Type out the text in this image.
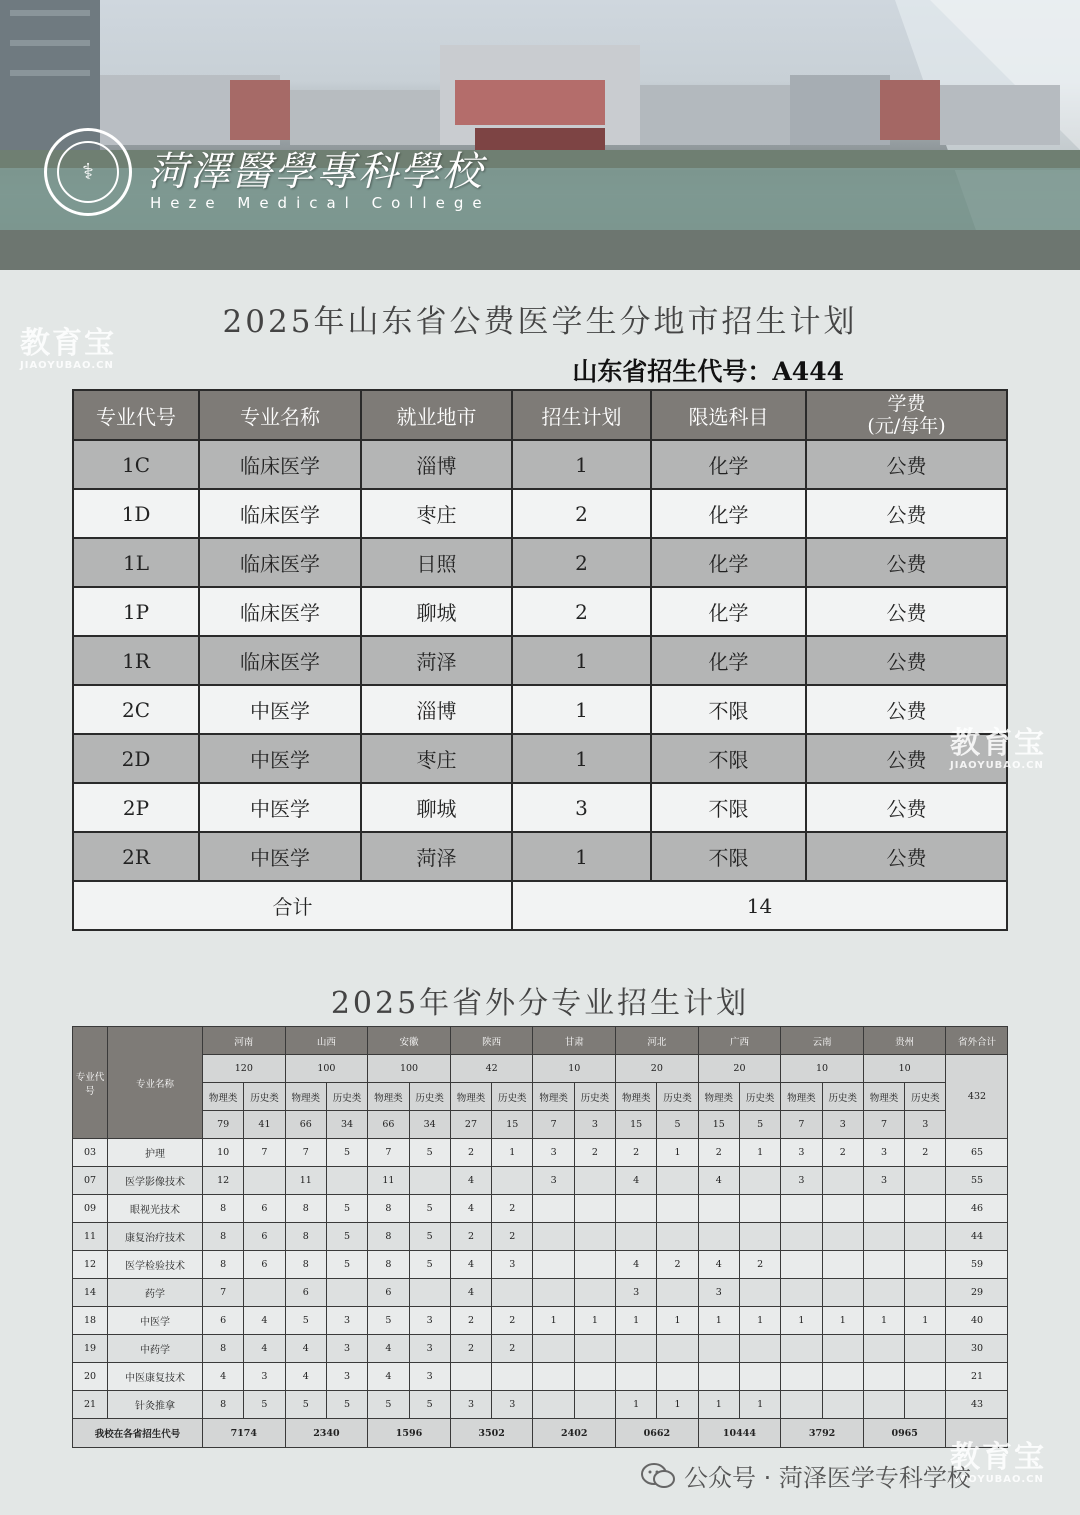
⚕	菏澤醫學專科學校
Heze Medical College
2025年山东省公费医学生分地市招生计划
山东省招生代号：A444
专业代号	专业名称	就业地市	招生计划	限选科目	学费
(元/每年)
1C	临床医学	淄博	1	化学	公费
1D	临床医学	枣庄	2	化学	公费
1L	临床医学	日照	2	化学	公费
1P	临床医学	聊城	2	化学	公费
1R	临床医学	菏泽	1	化学	公费
2C	中医学	淄博	1	不限	公费
2D	中医学	枣庄	1	不限	公费
2P	中医学	聊城	3	不限	公费
2R	中医学	菏泽	1	不限	公费
合计			14		
2025年省外分专业招生计划
专业代号	专业名称	河南		山西		安徽		陕西		甘肃		河北		广西		云南		贵州		省外合计
		120		100		100		42		10		20		20		10		10		432
		物理类	历史类	物理类	历史类	物理类	历史类	物理类	历史类	物理类	历史类	物理类	历史类	物理类	历史类	物理类	历史类	物理类	历史类	
		79	41	66	34	66	34	27	15	7	3	15	5	15	5	7	3	7	3	
03	护理	10	7	7	5	7	5	2	1	3	2	2	1	2	1	3	2	3	2	65
07	医学影像技术	12		11		11		4		3		4		4		3		3		55
09	眼视光技术	8	6	8	5	8	5	4	2											46
11	康复治疗技术	8	6	8	5	8	5	2	2											44
12	医学检验技术	8	6	8	5	8	5	4	3			4	2	4	2					59
14	药学	7		6		6		4				3		3						29
18	中医学	6	4	5	3	5	3	2	2	1	1	1	1	1	1	1	1	1	1	40
19	中药学	8	4	4	3	4	3	2	2											30
20	中医康复技术	4	3	4	3	4	3													21
21	针灸推拿	8	5	5	5	5	5	3	3			1	1	1	1					43
我校在各省招生代号		7174		2340		1596		3502		2402		0662		10444		3792		0965		
教育宝
JIAOYUBAO.CN
教育宝
JIAOYUBAO.CN
教育宝
JIAOYUBAO.CN
公众号 · 菏泽医学专科学校
